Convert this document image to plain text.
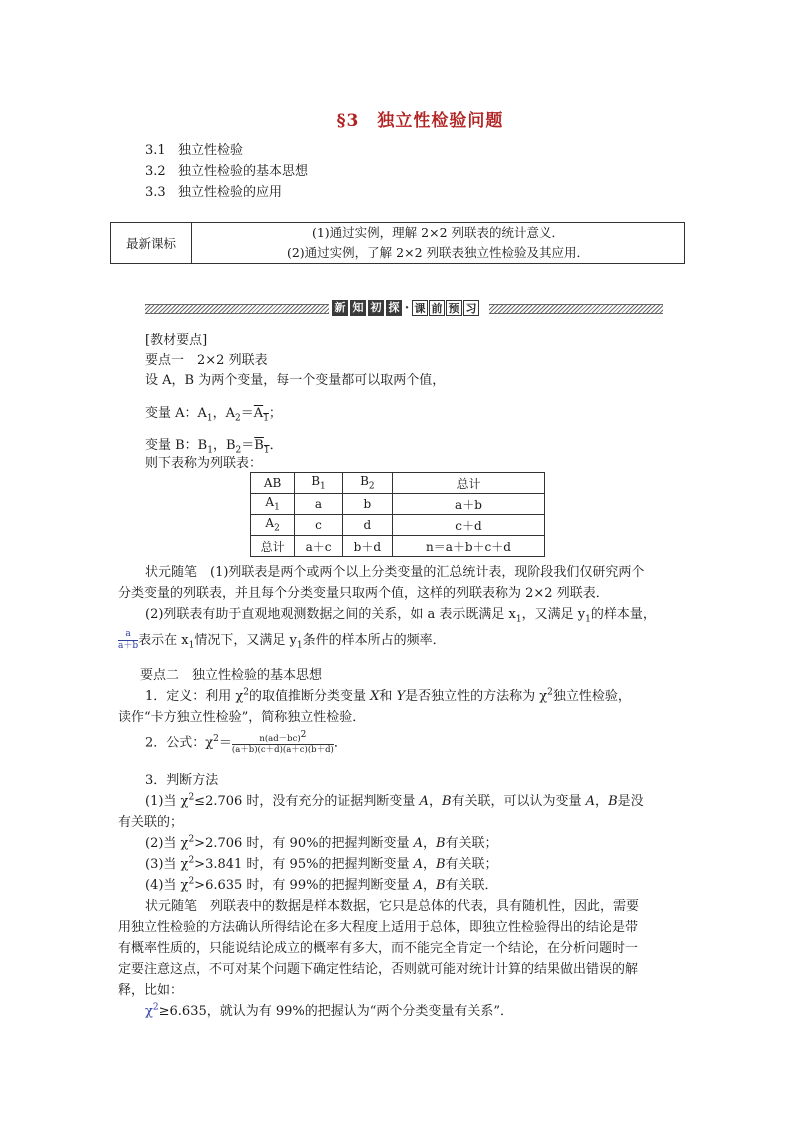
§3　独立性检验问题
3.1 独立性检验
3.2 独立性检验的基本思想
3.3 独立性检验的应用
最新课标	
(1)通过实例，理解 2×2 列联表的统计意义．
(2)通过实例，了解 2×2 列联表独立性检验及其应用．
新 知 初 探 · 课 前 预 习
[教材要点]
要点一　2×2 列联表
设 A，B 为两个变量，每一个变量都可以取两个值，
变量 A：$A_1$，$A_2=\overline{A}_1$；
变量 B：$B_1$，$B_2=\overline{B}_1$．
则下表称为列联表：
AB	$B_1$	$B_2$	总计
$A_1$	a	b	a＋b
$A_2$	c	d	c＋d
总计	a＋c	b＋d	n＝a＋b＋c＋d
状元随笔　(1)列联表是两个或两个以上分类变量的汇总统计表，现阶段我们仅研究两个
分类变量的列联表，并且每个分类变量只取两个值，这样的列联表称为 2×2 列联表．
(2)列联表有助于直观地观测数据之间的关系，如 a 表示既满足 $x_1$，又满足 $y_1$的样本量，
$\frac{a}{a+b}$ 表示在 $x_1$情况下，又满足 $y_1$条件的样本所占的频率．
要点二　独立性检验的基本思想
1．定义：利用 $\chi^2$的取值推断分类变量 X和 Y是否独立性的方法称为 $\chi^2$独立性检验，
读作“卡方独立性检验”，简称独立性检验．
2．公式：$\chi^2= \frac{n(ad-bc)^2}{(a+b)(c+d)(a+c)(b+d)}$ ．
3．判断方法
(1)当 $\chi^2\le 2.706$ 时，没有充分的证据判断变量 A，B有关联，可以认为变量 A，B是没
有关联的；
(2)当 $\chi^2>2.706$ 时，有 90%的把握判断变量 A，B有关联；
(3)当 $\chi^2>3.841$ 时，有 95%的把握判断变量 A，B有关联；
(4)当 $\chi^2>6.635$ 时，有 99%的把握判断变量 A，B有关联．
状元随笔　列联表中的数据是样本数据，它只是总体的代表，具有随机性，因此，需要
用独立性检验的方法确认所得结论在多大程度上适用于总体，即独立性检验得出的结论是带
有概率性质的，只能说结论成立的概率有多大，而不能完全肯定一个结论，在分析问题时一
定要注意这点，不可对某个问题下确定性结论，否则就可能对统计计算的结果做出错误的解
释，比如：
$\chi^2\ge 6.635$，就认为有 99%的把握认为“两个分类变量有关系”．
